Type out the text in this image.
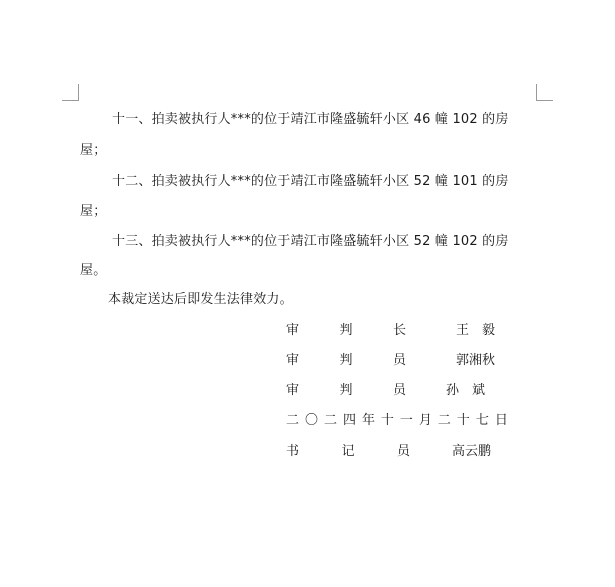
十一、拍卖被执行人***的位于靖江市隆盛毓轩小区 46 幢 102 的房
屋；
十二、拍卖被执行人***的位于靖江市隆盛毓轩小区 52 幢 101 的房
屋；
十三、拍卖被执行人***的位于靖江市隆盛毓轩小区 52 幢 102 的房
屋。
本裁定送达后即发生法律效力。
审	判	长	王　毅
审	判	员	郭湘秋
审	判	员	孙　斌
二 〇 二 四 年 十 一 月 二 十 七 日
书	记	员	高云鹏
